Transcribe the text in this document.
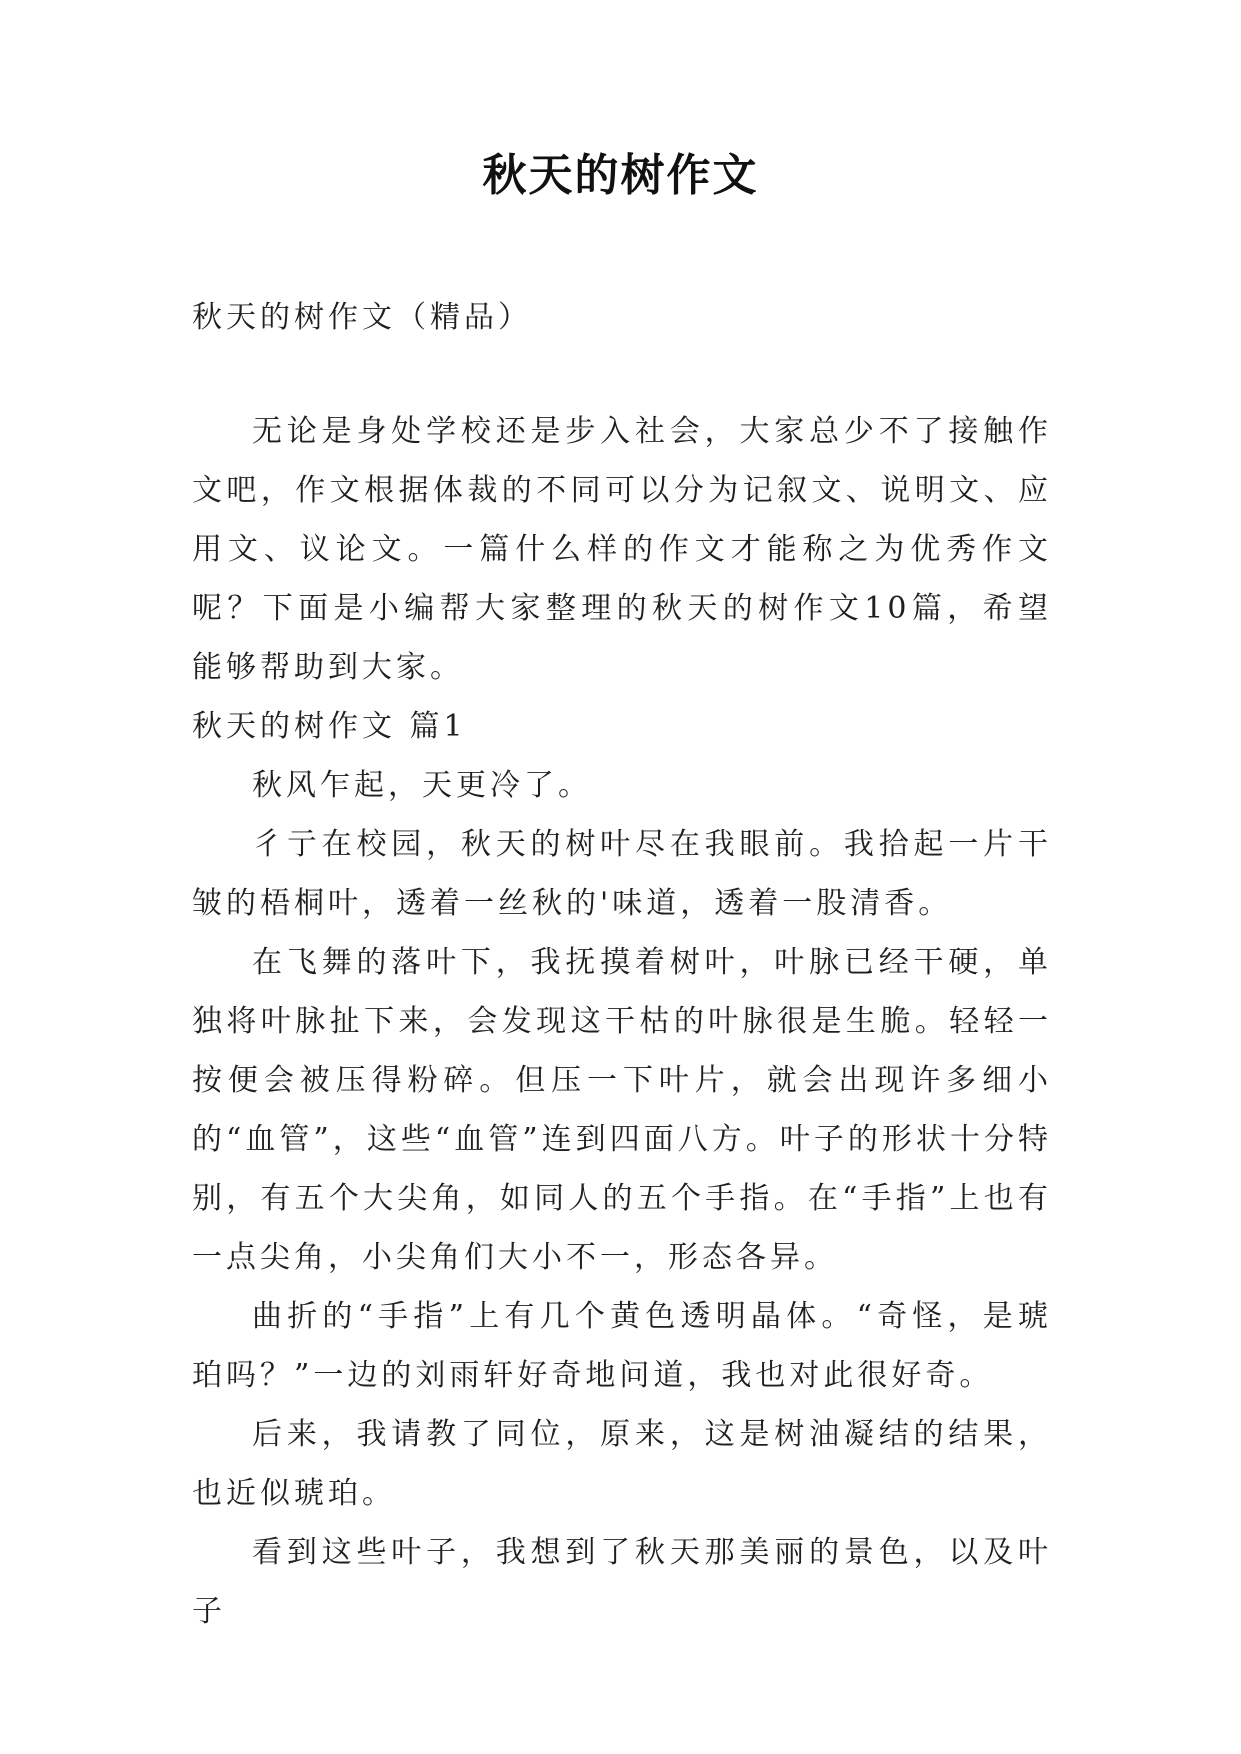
秋天的树作文

秋天的树作文（精品）

无论是身处学校还是步入社会，大家总少不了接触作文吧，作文根据体裁的不同可以分为记叙文、说明文、应用文、议论文。一篇什么样的作文才能称之为优秀作文呢？下面是小编帮大家整理的秋天的树作文10篇，希望能够帮助到大家。

秋天的树作文 篇1

秋风乍起，天更冷了。

彳亍在校园，秋天的树叶尽在我眼前。我拾起一片干皱的梧桐叶，透着一丝秋的'味道，透着一股清香。

在飞舞的落叶下，我抚摸着树叶，叶脉已经干硬，单独将叶脉扯下来，会发现这干枯的叶脉很是生脆。轻轻一按便会被压得粉碎。但压一下叶片，就会出现许多细小的“血管”，这些“血管”连到四面八方。叶子的形状十分特别，有五个大尖角，如同人的五个手指。在“手指”上也有一点尖角，小尖角们大小不一，形态各异。

曲折的“手指”上有几个黄色透明晶体。“奇怪，是琥珀吗？”一边的刘雨轩好奇地问道，我也对此很好奇。

后来，我请教了同位，原来，这是树油凝结的结果，也近似琥珀。

看到这些叶子，我想到了秋天那美丽的景色，以及叶子
